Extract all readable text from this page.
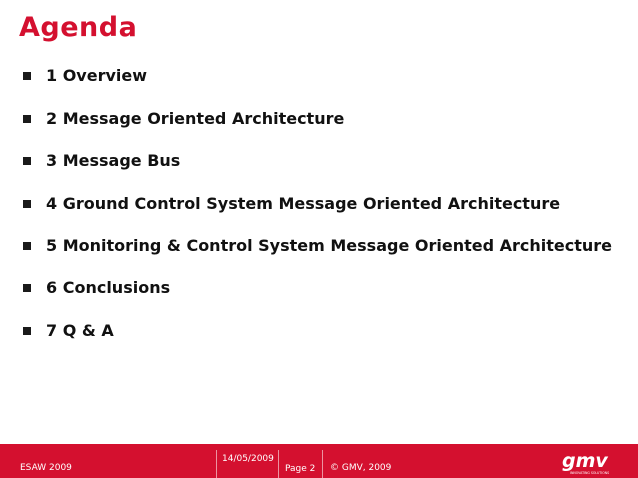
Agenda
1 Overview
2 Message Oriented Architecture
3 Message Bus
4 Ground Control System Message Oriented Architecture
5 Monitoring & Control System Message Oriented Architecture
6 Conclusions
7 Q & A
ESAW 2009
14/05/2009
Page 2 © GMV, 2009	gmv
INNOVATING SOLUTIONS
